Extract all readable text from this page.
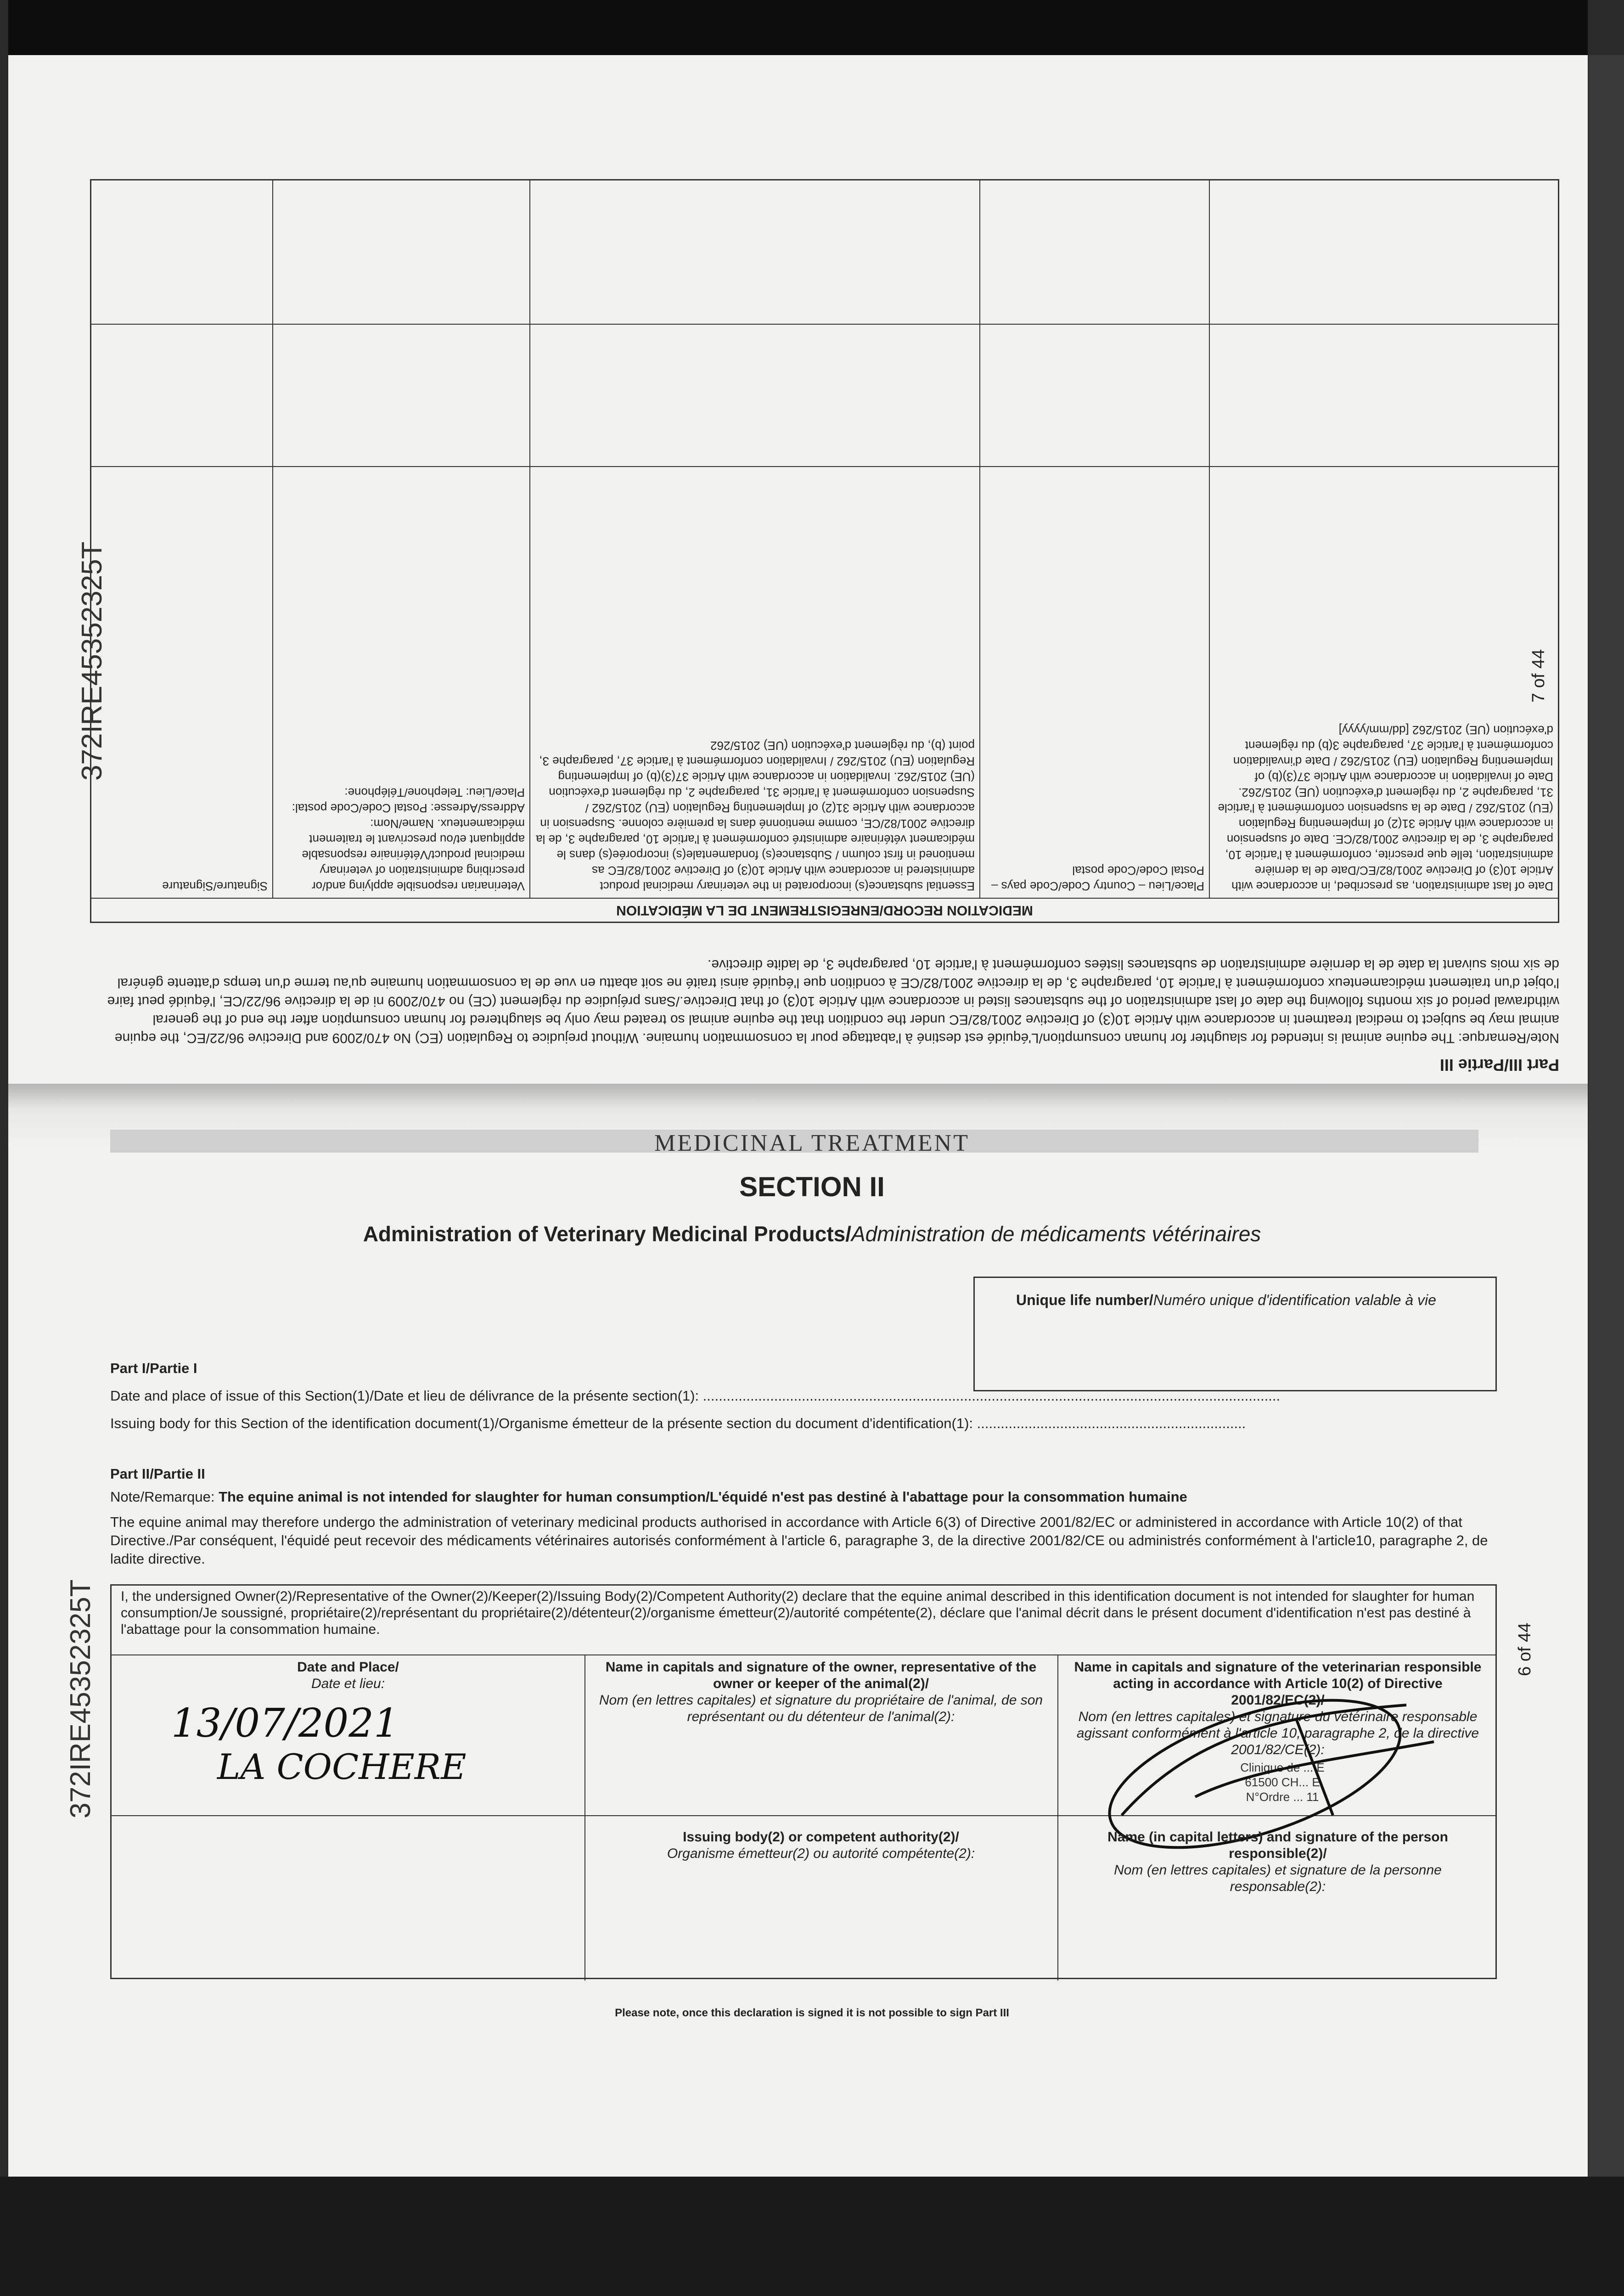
Part III/Partie III
Note/Remarque: The equine animal is intended for slaughter for human consumption/L'équidé est destiné à l'abattage pour la consommation humaine. Without prejudice to Regulation (EC) No 470/2009 and Directive 96/22/EC, the equine animal may be subject to medical treatment in accordance with Article 10(3) of Directive 2001/82/EC under the condition that the equine animal so treated may only be slaughtered for human consumption after the end of the general withdrawal period of six months following the date of last administration of the substances listed in accordance with Article 10(3) of that Directive./Sans préjudice du règlement (CE) no 470/2009 ni de la directive 96/22/CE, l'équidé peut faire l'objet d'un traitement médicamenteux conformément à l'article 10, paragraphe 3, de la directive 2001/82/CE à condition que l'équidé ainsi traité ne soit abattu en vue de la consommation humaine qu'au terme d'un temps d'attente général de six mois suivant la date de la dernière administration de substances listées conformément à l'article 10, paragraphe 3, de ladite directive.
MEDICATION RECORD/ENREGISTREMENT DE LA MÉDICATION
Date of last administration, as prescribed, in accordance with Article 10(3) of Directive 2001/82/EC/Date de la dernière administration, telle que prescrite, conformément à l'article 10, paragraphe 3, de la directive 2001/82/CE. Date of suspension in accordance with Article 31(2) of Implementing Regulation (EU) 2015/262 / Date de la suspension conformément à l'article 31, paragraphe 2, du règlement d'exécution (UE) 2015/262. Date of invalidation in accordance with Article 37(3)(b) of Implementing Regulation (EU) 2015/262 / Date d'invalidation conformément à l'article 37, paragraphe 3(b) du règlement d'exécution (UE) 2015/262 [dd/mm/yyyy]
Place/Lieu – Country Code/Code pays – Postal Code/Code postal
Essential substance(s) incorporated in the veterinary medicinal product administered in accordance with Article 10(3) of Directive 2001/82/EC as mentioned in first column / Substance(s) fondamentale(s) incorporée(s) dans le médicament vétérinaire administré conformément à l'article 10, paragraphe 3, de la directive 2001/82/CE, comme mentionné dans la première colonne. Suspension in accordance with Article 31(2) of Implementing Regulation (EU) 2015/262 / Suspension conformément à l'article 31, paragraphe 2, du règlement d'exécution (UE) 2015/262. Invalidation in accordance with Article 37(3)(b) of Implementing Regulation (EU) 2015/262 / Invalidation conformément à l'article 37, paragraphe 3, point (b), du règlement d'exécution (UE) 2015/262
Veterinarian responsible applying and/or prescribing administration of veterinary medicinal product/Vétérinaire responsable appliquant et/ou prescrivant le traitement médicamenteux. Name/Nom: Address/Adresse: Postal Code/Code postal: Place/Lieu: Telephone/Téléphone:
Signature/Signature
7 of 44
372IRE45352325T
MEDICINAL TREATMENT
SECTION II
Administration of Veterinary Medicinal Products/Administration de médicaments vétérinaires
Unique life number/Numéro unique d'identification valable à vie
Part I/Partie I
Date and place of issue of this Section(1)/Date et lieu de délivrance de la présente section(1): ..................................................................................................................................................
Issuing body for this Section of the identification document(1)/Organisme émetteur de la présente section du document d'identification(1): ....................................................................
Part II/Partie II
Note/Remarque: The equine animal is not intended for slaughter for human consumption/L'équidé n'est pas destiné à l'abattage pour la consommation humaine
The equine animal may therefore undergo the administration of veterinary medicinal products authorised in accordance with Article 6(3) of Directive 2001/82/EC or administered in accordance with Article 10(2) of that Directive./Par conséquent, l'équidé peut recevoir des médicaments vétérinaires autorisés conformément à l'article 6, paragraphe 3, de la directive 2001/82/CE ou administrés conformément à l'article10, paragraphe 2, de ladite directive.
I, the undersigned Owner(2)/Representative of the Owner(2)/Keeper(2)/Issuing Body(2)/Competent Authority(2) declare that the equine animal described in this identification document is not intended for slaughter for human consumption/Je soussigné, propriétaire(2)/représentant du propriétaire(2)/détenteur(2)/organisme émetteur(2)/autorité compétente(2), déclare que l'animal décrit dans le présent document d'identification n'est pas destiné à l'abattage pour la consommation humaine.
Date and Place/
Date et lieu:
13/07/2021
LA COCHERE
Name in capitals and signature of the owner, representative of the owner or keeper of the animal(2)/
Nom (en lettres capitales) et signature du propriétaire de l'animal, de son représentant ou du détenteur de l'animal(2):
Name in capitals and signature of the veterinarian responsible acting in accordance with Article 10(2) of Directive 2001/82/EC(2)/
Nom (en lettres capitales) et signature du vétérinaire responsable agissant conformément à l'article 10, paragraphe 2, de la directive 2001/82/CE(2):
Clinique de ... E
61500 CH... E
N°Ordre ... 11
Issuing body(2) or competent authority(2)/
Organisme émetteur(2) ou autorité compétente(2):
Name (in capital letters) and signature of the person responsible(2)/
Nom (en lettres capitales) et signature de la personne responsable(2):
Please note, once this declaration is signed it is not possible to sign Part III
372IRE45352325T	6 of 44
